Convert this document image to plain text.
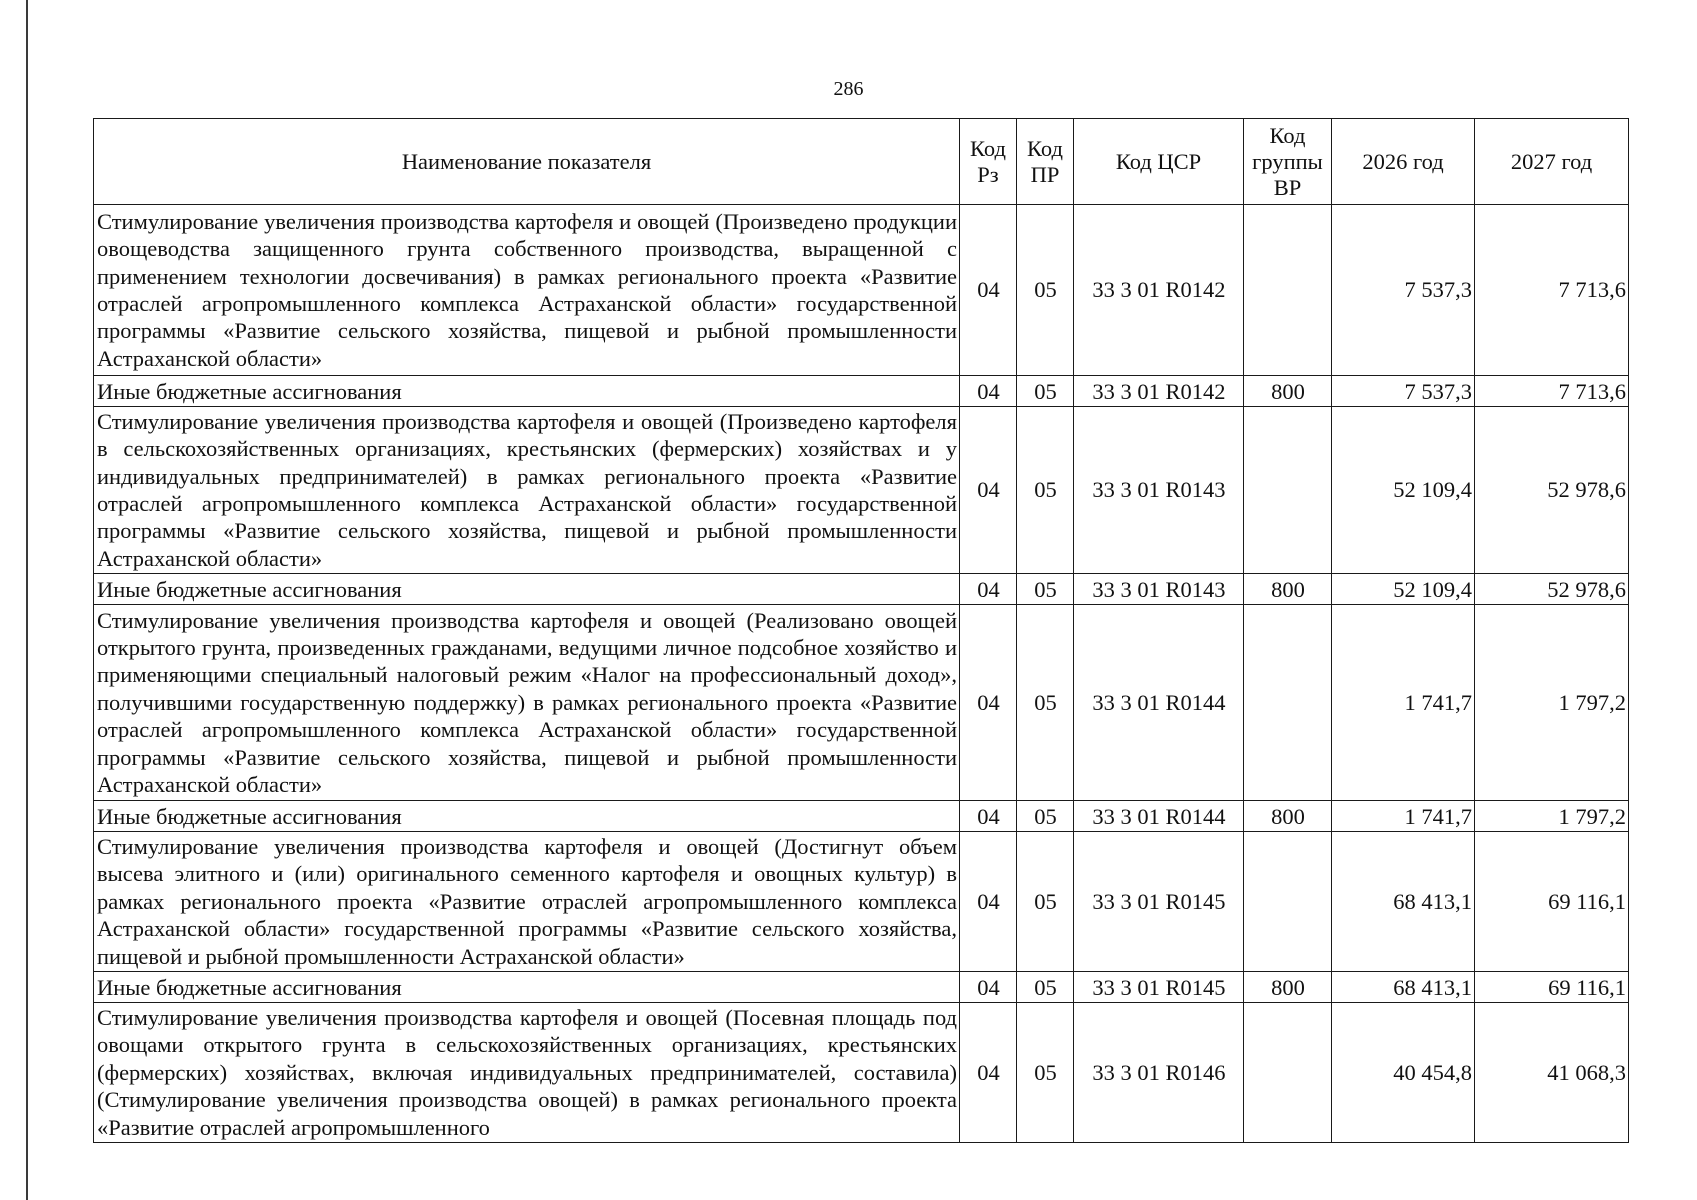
286
Наименование показателя	Код Рз	Код ПР	Код ЦСР	Код группы ВР	2026 год	2027 год
Стимулирование увеличения производства картофеля и овощей (Произведено продукции овощеводства защищенного грунта собственного производства, выращенной с применением технологии досвечивания) в рамках регионального проекта «Развитие отраслей агропромышленного комплекса Астраханской области» государственной программы «Развитие сельского хозяйства, пищевой и рыбной промышленности Астраханской области»	04	05	33 3 01 R0142		7 537,3	7 713,6
Иные бюджетные ассигнования	04	05	33 3 01 R0142	800	7 537,3	7 713,6
Стимулирование увеличения производства картофеля и овощей (Произведено картофеля в сельскохозяйственных организациях, крестьянских (фермерских) хозяйствах и у индивидуальных предпринимателей) в рамках регионального проекта «Развитие отраслей агропромышленного комплекса Астраханской области» государственной программы «Развитие сельского хозяйства, пищевой и рыбной промышленности Астраханской области»	04	05	33 3 01 R0143		52 109,4	52 978,6
Иные бюджетные ассигнования	04	05	33 3 01 R0143	800	52 109,4	52 978,6
Стимулирование увеличения производства картофеля и овощей (Реализовано овощей открытого грунта, произведенных гражданами, ведущими личное подсобное хозяйство и применяющими специальный налоговый режим «Налог на профессиональный доход», получившими государственную поддержку) в рамках регионального проекта «Развитие отраслей агропромышленного комплекса Астраханской области» государственной программы «Развитие сельского хозяйства, пищевой и рыбной промышленности Астраханской области»	04	05	33 3 01 R0144		1 741,7	1 797,2
Иные бюджетные ассигнования	04	05	33 3 01 R0144	800	1 741,7	1 797,2
Стимулирование увеличения производства картофеля и овощей (Достигнут объем высева элитного и (или) оригинального семенного картофеля и овощных культур) в рамках регионального проекта «Развитие отраслей агропромышленного комплекса Астраханской области» государственной программы «Развитие сельского хозяйства, пищевой и рыбной промышленности Астраханской области»	04	05	33 3 01 R0145		68 413,1	69 116,1
Иные бюджетные ассигнования	04	05	33 3 01 R0145	800	68 413,1	69 116,1
Стимулирование увеличения производства картофеля и овощей (Посевная площадь под овощами открытого грунта в сельскохозяйственных организациях, крестьянских (фермерских) хозяйствах, включая индивидуальных предпринимателей, составила) (Стимулирование увеличения производства овощей) в рамках регионального проекта «Развитие отраслей агропромышленного	04	05	33 3 01 R0146		40 454,8	41 068,3
